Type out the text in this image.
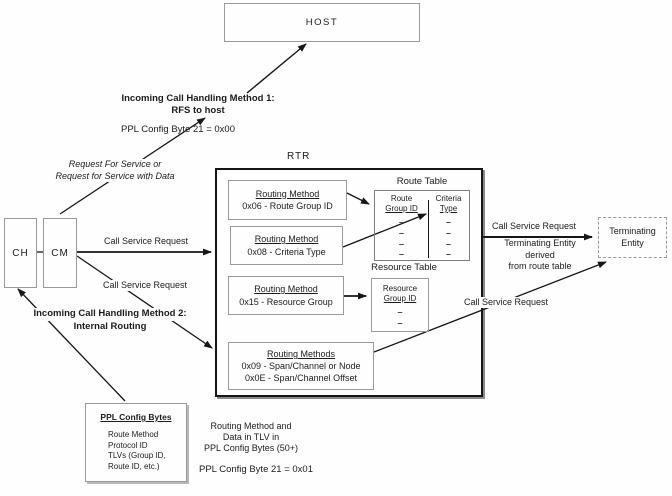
HOST
Incoming Call Handling Method 1:
RFS to host
PPL Config Byte 21 = 0x00
Request For Service or
Request for Service with Data
CH CM
Call Service Request
Call Service Request
Incoming Call Handling Method 2:
Internal Routing
RTR
Routing Method
0x06 - Route Group ID
Routing Method
0x08 - Criteria Type
Routing Method
0x15 - Resource Group
Routing Methods
0x09 - Span/Channel or Node
0x0E - Span/Channel Offset
Route Table
Route
Group ID
–
–
–
–
Criteria
Type
–
–
–
–
Resource Table
Resource
Group ID
–
–
Call Service Request
Terminating Entity
derived
from route table
Call Service Request
Terminating
Entity
PPL Config Bytes
Route Method
Protocol ID
TLVs (Group ID,
Route ID, etc.)
Routing Method and
Data in TLV in
PPL Config Bytes (50+)
PPL Config Byte 21 = 0x01
